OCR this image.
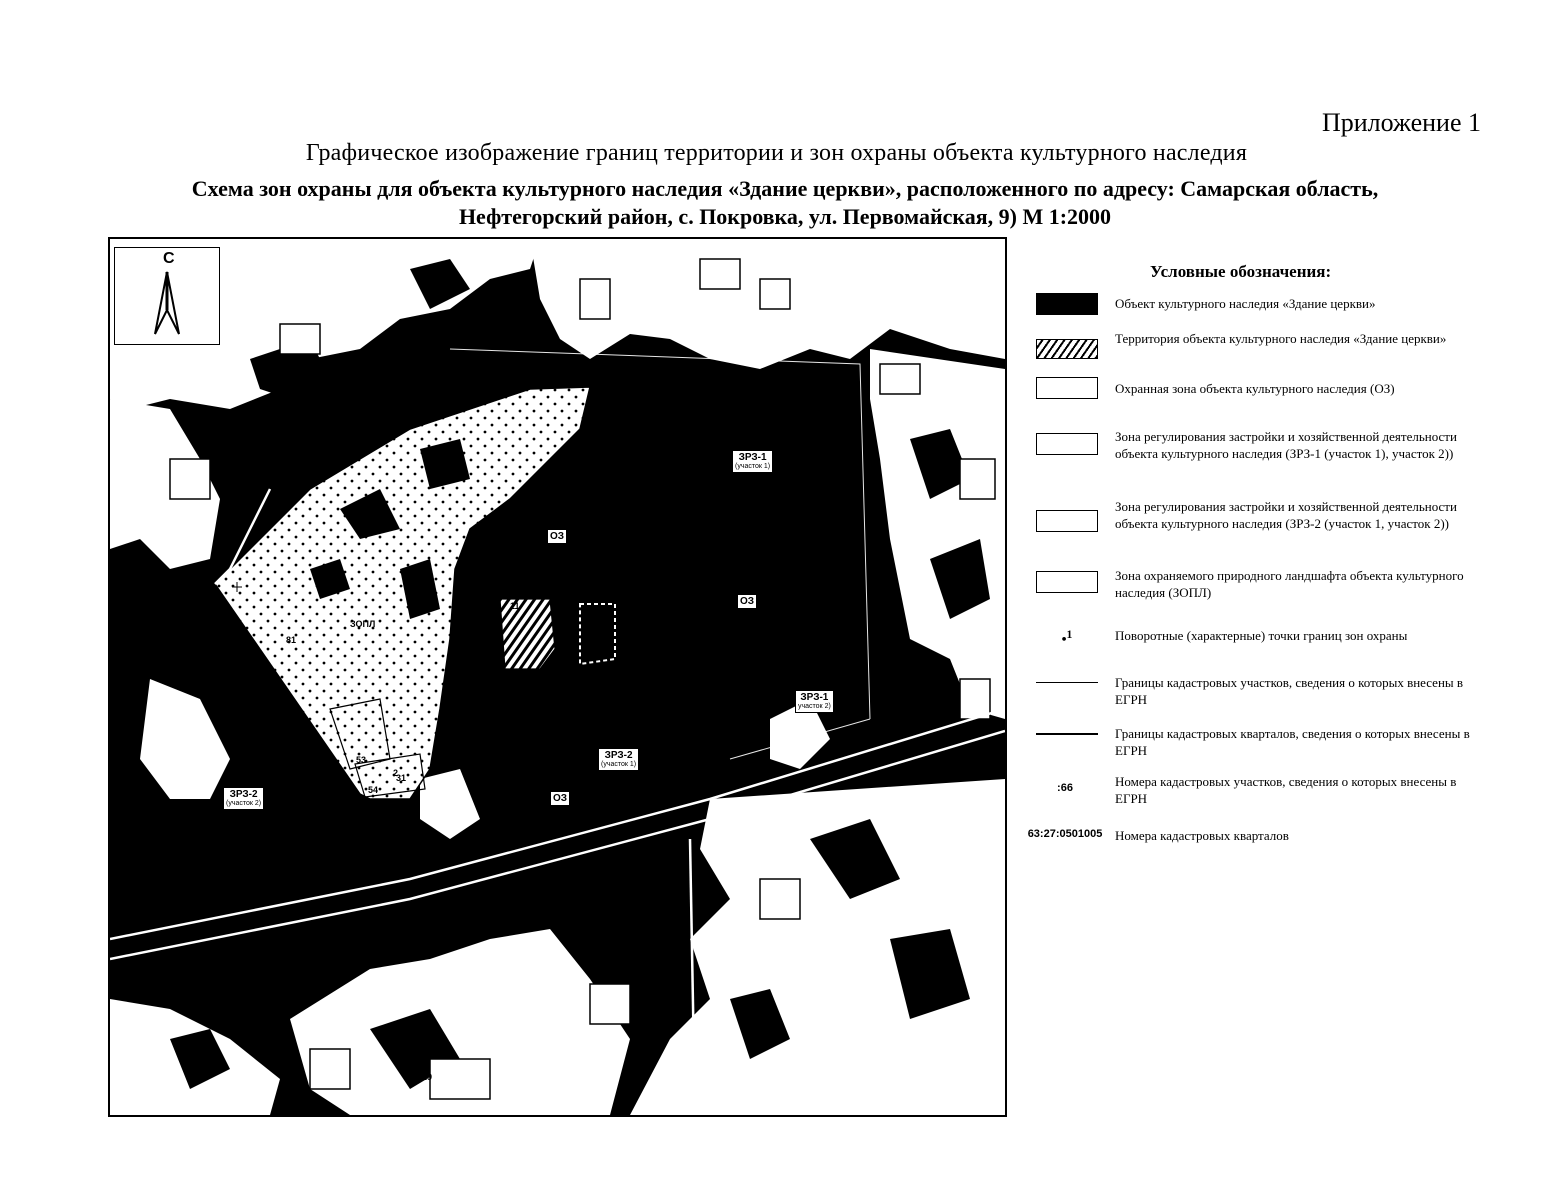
Приложение 1
Графическое изображение границ территории и зон охраны объекта культурного наследия
Схема зон охраны для объекта культурного наследия «Здание церкви», расположенного по адресу: Самарская область, Нефтегорский район, с. Покровка, ул. Первомайская, 9) М 1:2000
С
ЗРЗ-1
(участок 1)
ЗРЗ-1
участок 2)
ЗРЗ-2
(участок 1)
ЗРЗ-2
(участок 2)
ОЗ
ОЗ
ОЗ
ЗОПЛ
81
31
53
54
11
76
29
2
Условные обозначения:
Объект культурного наследия «Здание церкви»
Территория объекта культурного наследия «Здание церкви»
Охранная зона объекта культурного наследия (ОЗ)
Зона регулирования застройки и хозяйственной деятельности объекта культурного наследия (ЗРЗ-1 (участок 1), участок 2))
Зона регулирования застройки и хозяйственной деятельности объекта культурного наследия (ЗРЗ-2 (участок 1, участок 2))
Зона охраняемого природного ландшафта объекта культурного наследия (ЗОПЛ)
•$^1$	Поворотные (характерные) точки границ зон охраны
Границы кадастровых участков, сведения о которых внесены в ЕГРН
Границы кадастровых кварталов, сведения о которых внесены в ЕГРН
:66	Номера кадастровых участков, сведения о которых внесены в ЕГРН
63:27:0501005 Номера кадастровых кварталов
